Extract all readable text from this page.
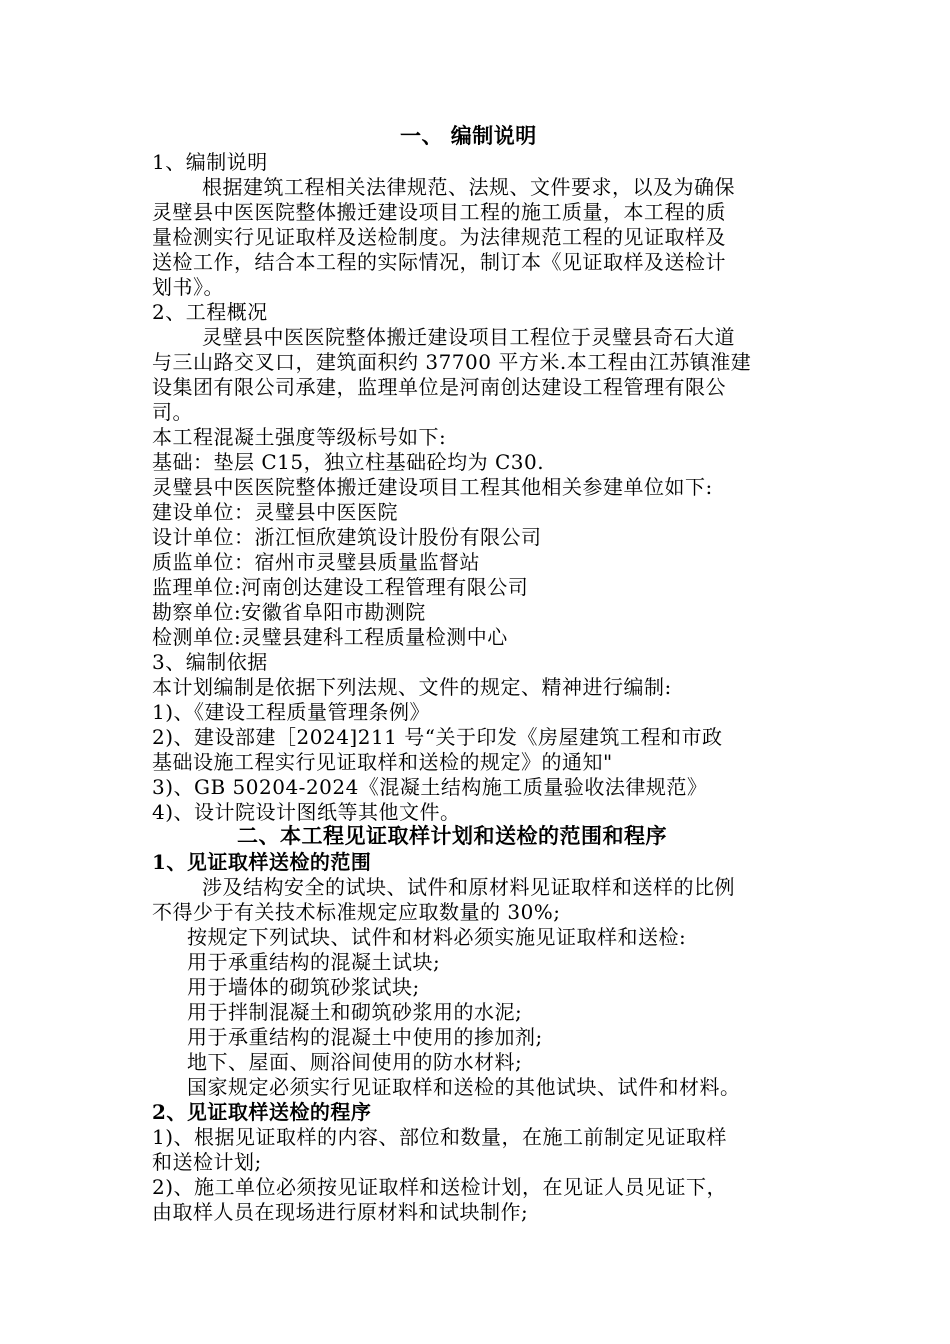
一、 编制说明

1、编制说明

根据建筑工程相关法律规范、法规、文件要求，以及为确保

灵壁县中医医院整体搬迁建设项目工程的施工质量，本工程的质

量检测实行见证取样及送检制度。为法律规范工程的见证取样及

送检工作，结合本工程的实际情况，制订本《见证取样及送检计

划书》。

2、工程概况

灵壁县中医医院整体搬迁建设项目工程位于灵璧县奇石大道

与三山路交叉口，建筑面积约 37700 平方米.本工程由江苏镇淮建

设集团有限公司承建，监理单位是河南创达建设工程管理有限公

司。

本工程混凝土强度等级标号如下:

基础：垫层 C15，独立柱基础砼均为 C30.

灵璧县中医医院整体搬迁建设项目工程其他相关参建单位如下:

建设单位：灵璧县中医医院

设计单位：浙江恒欣建筑设计股份有限公司

质监单位：宿州市灵璧县质量监督站

监理单位:河南创达建设工程管理有限公司

勘察单位:安徽省阜阳市勘测院

检测单位:灵璧县建科工程质量检测中心

3、编制依据

本计划编制是依据下列法规、文件的规定、精神进行编制:

1)、《建设工程质量管理条例》

2)、建设部建［2024]211 号“关于印发《房屋建筑工程和市政

基础设施工程实行见证取样和送检的规定》的通知"

3)、GB 50204-2024《混凝土结构施工质量验收法律规范》

4)、设计院设计图纸等其他文件。

二、本工程见证取样计划和送检的范围和程序

1、见证取样送检的范围

涉及结构安全的试块、试件和原材料见证取样和送样的比例

不得少于有关技术标准规定应取数量的 30%;

按规定下列试块、试件和材料必须实施见证取样和送检:

用于承重结构的混凝土试块;

用于墙体的砌筑砂浆试块;

用于拌制混凝土和砌筑砂浆用的水泥;

用于承重结构的混凝土中使用的掺加剂;

地下、屋面、厕浴间使用的防水材料;

国家规定必须实行见证取样和送检的其他试块、试件和材料。

2、见证取样送检的程序

1)、根据见证取样的内容、部位和数量，在施工前制定见证取样

和送检计划;

2)、施工单位必须按见证取样和送检计划，在见证人员见证下，

由取样人员在现场进行原材料和试块制作;
